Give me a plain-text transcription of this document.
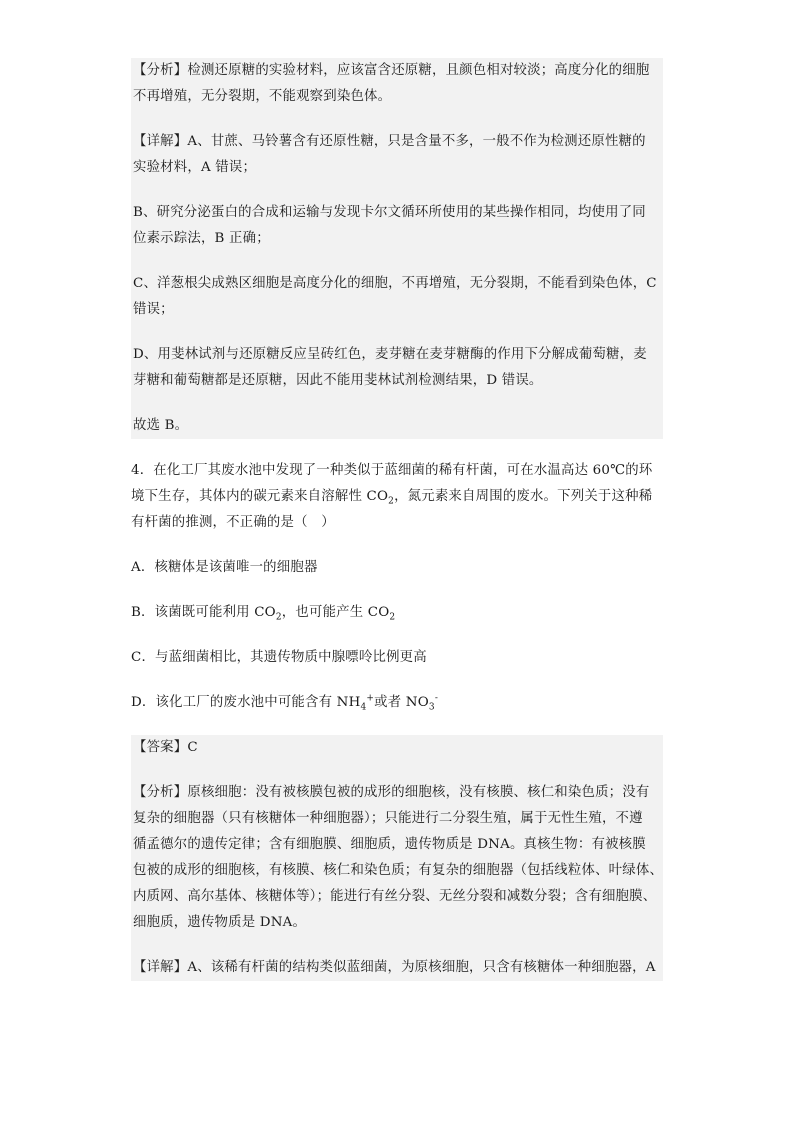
【分析】检测还原糖的实验材料，应该富含还原糖，且颜色相对较淡；高度分化的细胞

不再增殖，无分裂期，不能观察到染色体。

【详解】A、甘蔗、马铃薯含有还原性糖，只是含量不多，一般不作为检测还原性糖的

实验材料，A 错误；

B、研究分泌蛋白的合成和运输与发现卡尔文循环所使用的某些操作相同，均使用了同

位素示踪法，B 正确；

C、洋葱根尖成熟区细胞是高度分化的细胞，不再增殖，无分裂期，不能看到染色体，C

错误；

D、用斐林试剂与还原糖反应呈砖红色，麦芽糖在麦芽糖酶的作用下分解成葡萄糖，麦

芽糖和葡萄糖都是还原糖，因此不能用斐林试剂检测结果，D 错误。

故选 B。

4．在化工厂其废水池中发现了一种类似于蓝细菌的稀有杆菌，可在水温高达 60℃的环

境下生存，其体内的碳元素来自溶解性 $CO_2$，氮元素来自周围的废水。下列关于这种稀

有杆菌的推测，不正确的是（　）

A．核糖体是该菌唯一的细胞器

B．该菌既可能利用 $CO_2$，也可能产生 $CO_2$

C．与蓝细菌相比，其遗传物质中腺嘌呤比例更高

D．该化工厂的废水池中可能含有 $NH_4^+$或者 $NO_3^-$

【答案】C

【分析】原核细胞：没有被核膜包被的成形的细胞核，没有核膜、核仁和染色质；没有

复杂的细胞器（只有核糖体一种细胞器）；只能进行二分裂生殖，属于无性生殖，不遵

循孟德尔的遗传定律；含有细胞膜、细胞质，遗传物质是 DNA。真核生物：有被核膜

包被的成形的细胞核，有核膜、核仁和染色质；有复杂的细胞器（包括线粒体、叶绿体、

内质网、高尔基体、核糖体等）；能进行有丝分裂、无丝分裂和减数分裂；含有细胞膜、

细胞质，遗传物质是 DNA。

【详解】A、该稀有杆菌的结构类似蓝细菌，为原核细胞，只含有核糖体一种细胞器，A
